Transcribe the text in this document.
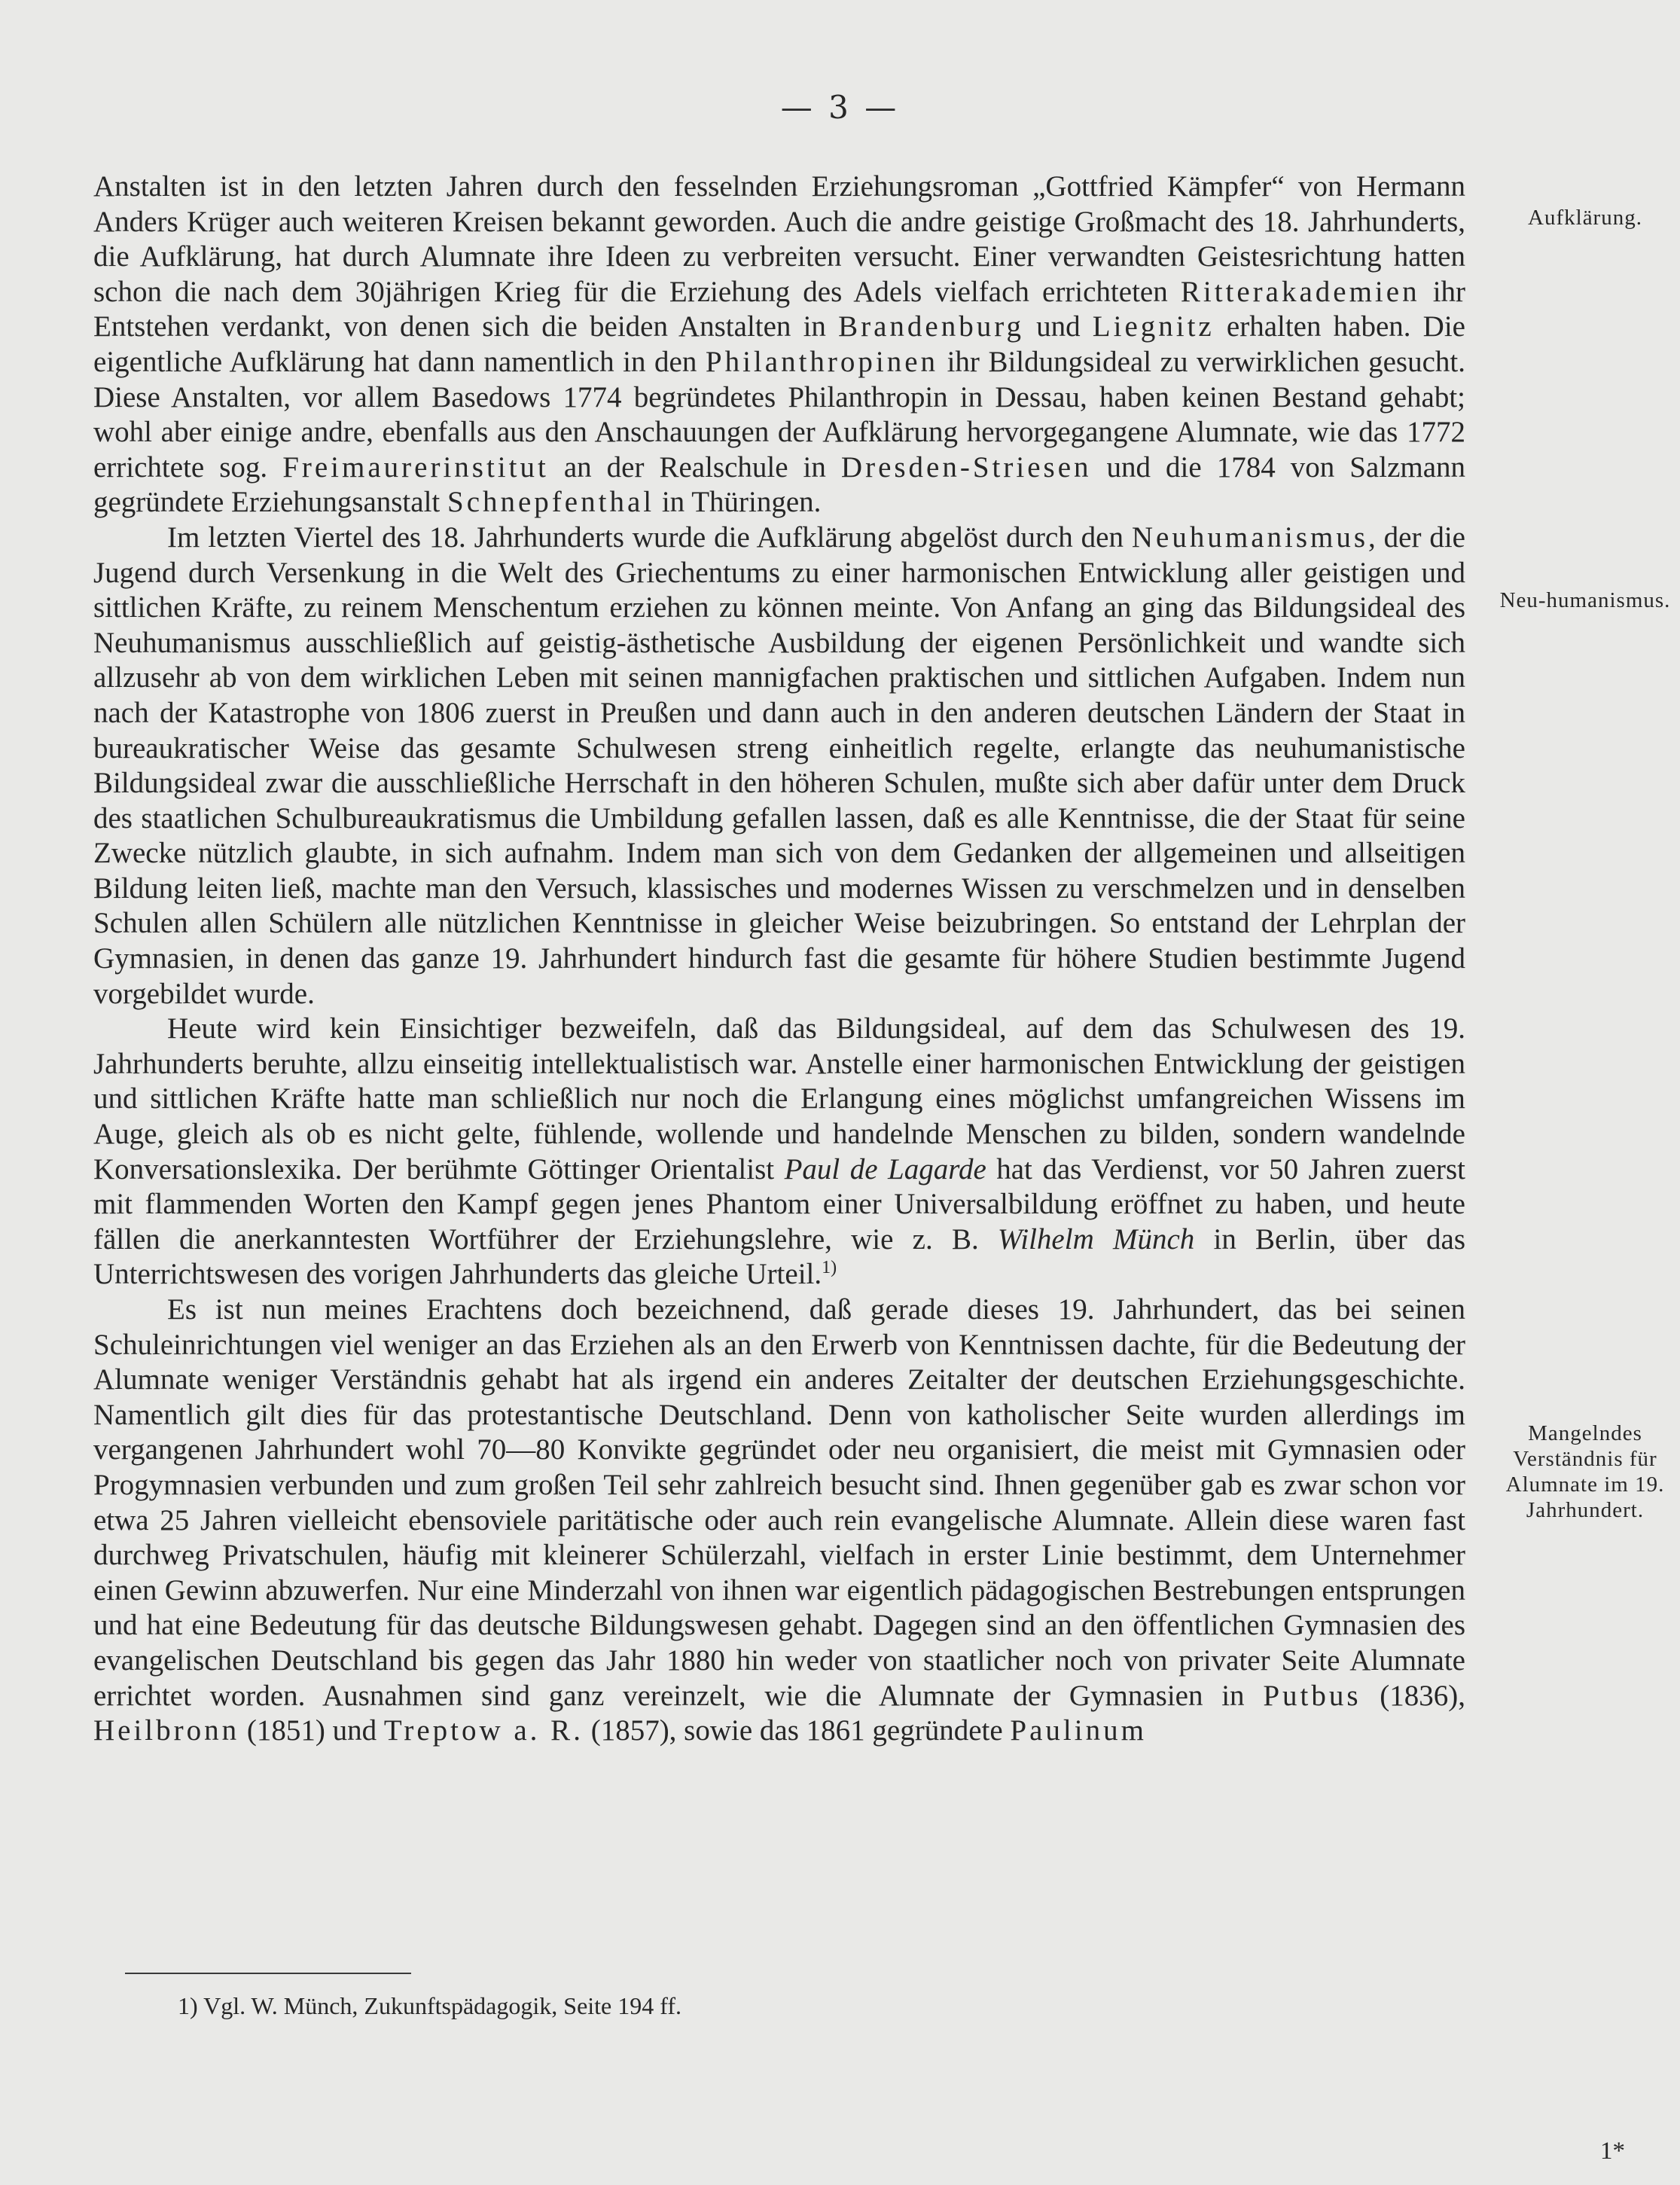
— 3 —

Anstalten ist in den letzten Jahren durch den fesselnden Erziehungsroman „Gottfried Kämpfer“ von Hermann Anders Krüger auch weiteren Kreisen bekannt geworden. Auch die andre geistige Großmacht des 18. Jahrhunderts, die Aufklärung, hat durch Alumnate ihre Ideen zu verbreiten versucht. Einer verwandten Geistesrichtung hatten schon die nach dem 30jährigen Krieg für die Erziehung des Adels vielfach errichteten Ritterakademien ihr Entstehen verdankt, von denen sich die beiden Anstalten in Brandenburg und Liegnitz erhalten haben. Die eigentliche Aufklärung hat dann namentlich in den Philanthropinen ihr Bildungsideal zu verwirklichen gesucht. Diese Anstalten, vor allem Basedows 1774 begründetes Philanthropin in Dessau, haben keinen Bestand gehabt; wohl aber einige andre, ebenfalls aus den Anschauungen der Aufklärung hervorgegangene Alumnate, wie das 1772 errichtete sog. Freimaurerinstitut an der Realschule in Dresden-Striesen und die 1784 von Salzmann gegründete Erziehungsanstalt Schnepfenthal in Thüringen.

Im letzten Viertel des 18. Jahrhunderts wurde die Aufklärung abgelöst durch den Neuhumanismus, der die Jugend durch Versenkung in die Welt des Griechentums zu einer harmonischen Entwicklung aller geistigen und sittlichen Kräfte, zu reinem Menschentum erziehen zu können meinte. Von Anfang an ging das Bildungsideal des Neuhumanismus ausschließlich auf geistig-ästhetische Ausbildung der eigenen Persönlichkeit und wandte sich allzusehr ab von dem wirklichen Leben mit seinen mannigfachen praktischen und sittlichen Aufgaben. Indem nun nach der Katastrophe von 1806 zuerst in Preußen und dann auch in den anderen deutschen Ländern der Staat in bureaukratischer Weise das gesamte Schulwesen streng einheitlich regelte, erlangte das neuhumanistische Bildungsideal zwar die ausschließliche Herrschaft in den höheren Schulen, mußte sich aber dafür unter dem Druck des staatlichen Schulbureaukratismus die Umbildung gefallen lassen, daß es alle Kenntnisse, die der Staat für seine Zwecke nützlich glaubte, in sich aufnahm. Indem man sich von dem Gedanken der allgemeinen und allseitigen Bildung leiten ließ, machte man den Versuch, klassisches und modernes Wissen zu verschmelzen und in denselben Schulen allen Schülern alle nützlichen Kenntnisse in gleicher Weise beizubringen. So entstand der Lehrplan der Gymnasien, in denen das ganze 19. Jahrhundert hindurch fast die gesamte für höhere Studien bestimmte Jugend vorgebildet wurde.

Heute wird kein Einsichtiger bezweifeln, daß das Bildungsideal, auf dem das Schulwesen des 19. Jahrhunderts beruhte, allzu einseitig intellektualistisch war. Anstelle einer harmonischen Entwicklung der geistigen und sittlichen Kräfte hatte man schließlich nur noch die Erlangung eines möglichst umfangreichen Wissens im Auge, gleich als ob es nicht gelte, fühlende, wollende und handelnde Menschen zu bilden, sondern wandelnde Konversationslexika. Der berühmte Göttinger Orientalist Paul de Lagarde hat das Verdienst, vor 50 Jahren zuerst mit flammenden Worten den Kampf gegen jenes Phantom einer Universalbildung eröffnet zu haben, und heute fällen die anerkanntesten Wortführer der Erziehungslehre, wie z. B. Wilhelm Münch in Berlin, über das Unterrichtswesen des vorigen Jahrhunderts das gleiche Urteil.$^{1)}$

Es ist nun meines Erachtens doch bezeichnend, daß gerade dieses 19. Jahrhundert, das bei seinen Schuleinrichtungen viel weniger an das Erziehen als an den Erwerb von Kenntnissen dachte, für die Bedeutung der Alumnate weniger Verständnis gehabt hat als irgend ein anderes Zeitalter der deutschen Erziehungsgeschichte. Namentlich gilt dies für das protestantische Deutschland. Denn von katholischer Seite wurden allerdings im vergangenen Jahrhundert wohl 70—80 Konvikte gegründet oder neu organisiert, die meist mit Gymnasien oder Progymnasien verbunden und zum großen Teil sehr zahlreich besucht sind. Ihnen gegenüber gab es zwar schon vor etwa 25 Jahren vielleicht ebensoviele paritätische oder auch rein evangelische Alumnate. Allein diese waren fast durchweg Privatschulen, häufig mit kleinerer Schülerzahl, vielfach in erster Linie bestimmt, dem Unternehmer einen Gewinn abzuwerfen. Nur eine Minderzahl von ihnen war eigentlich pädagogischen Bestrebungen entsprungen und hat eine Bedeutung für das deutsche Bildungswesen gehabt. Dagegen sind an den öffentlichen Gymnasien des evangelischen Deutschland bis gegen das Jahr 1880 hin weder von staatlicher noch von privater Seite Alumnate errichtet worden. Ausnahmen sind ganz vereinzelt, wie die Alumnate der Gymnasien in Putbus (1836), Heilbronn (1851) und Treptow a. R. (1857), sowie das 1861 gegründete Paulinum

Aufklärung.
Neu-humanismus.
Mangelndes Verständnis für Alumnate im 19. Jahrhundert.
1) Vgl. W. Münch, Zukunftspädagogik, Seite 194 ff.
1*
